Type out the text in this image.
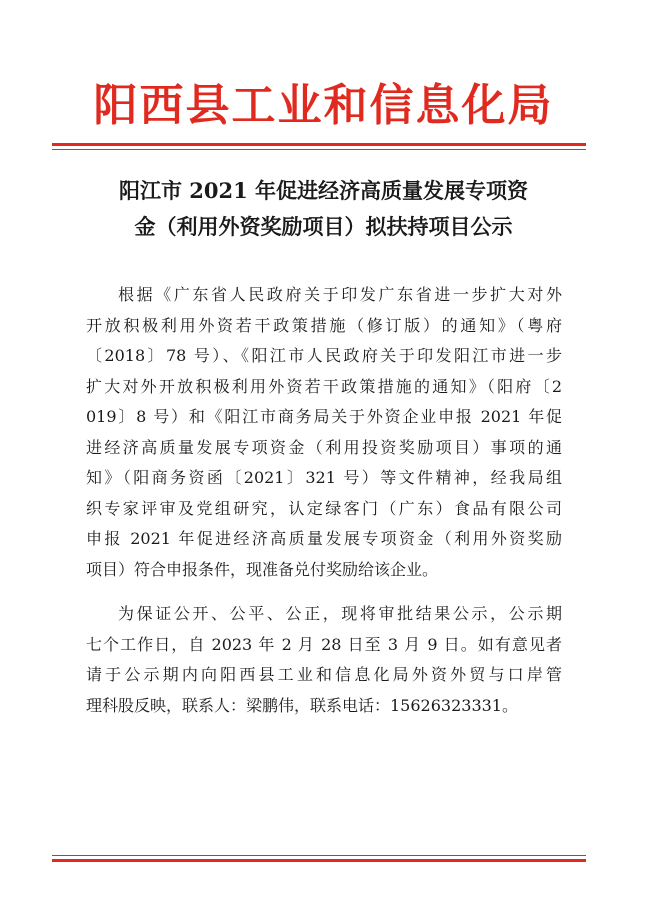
阳西县工业和信息化局
阳江市 2021 年促进经济高质量发展专项资
金（利用外资奖励项目）拟扶持项目公示
根据《广东省人民政府关于印发广东省进一步扩大对外
开放积极利用外资若干政策措施（修订版）的通知》（粤府
〔2018〕78 号）、《阳江市人民政府关于印发阳江市进一步
扩大对外开放积极利用外资若干政策措施的通知》（阳府〔2
019〕8 号）和《阳江市商务局关于外资企业申报 2021 年促
进经济高质量发展专项资金（利用投资奖励项目）事项的通
知》（阳商务资函〔2021〕321 号）等文件精神，经我局组
织专家评审及党组研究，认定绿客门（广东）食品有限公司
申报 2021 年促进经济高质量发展专项资金（利用外资奖励
项目）符合申报条件，现准备兑付奖励给该企业。
为保证公开、公平、公正，现将审批结果公示，公示期
七个工作日，自 2023 年 2 月 28 日至 3 月 9 日。如有意见者
请于公示期内向阳西县工业和信息化局外资外贸与口岸管
理科股反映，联系人：梁鹏伟，联系电话：15626323331。
